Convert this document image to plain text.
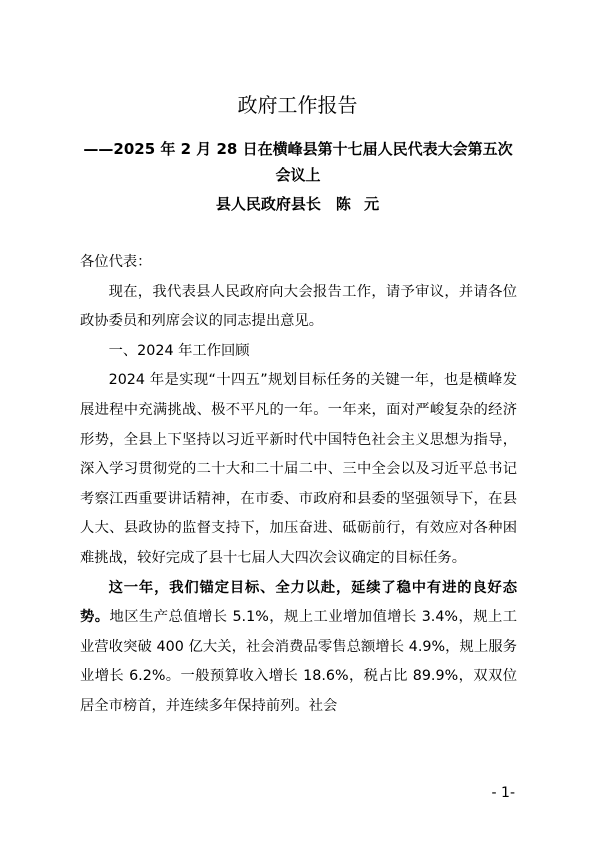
政府工作报告
——2025 年 2 月 28 日在横峰县第十七届人民代表大会第五次会议上
县人民政府县长　陈 元

各位代表：

现在，我代表县人民政府向大会报告工作，请予审议，并请各位政协委员和列席会议的同志提出意见。

一、2024 年工作回顾

2024 年是实现“十四五”规划目标任务的关键一年，也是横峰发展进程中充满挑战、极不平凡的一年。一年来，面对严峻复杂的经济形势，全县上下坚持以习近平新时代中国特色社会主义思想为指导，深入学习贯彻党的二十大和二十届二中、三中全会以及习近平总书记考察江西重要讲话精神，在市委、市政府和县委的坚强领导下，在县人大、县政协的监督支持下，加压奋进、砥砺前行，有效应对各种困难挑战，较好完成了县十七届人大四次会议确定的目标任务。

这一年，我们锚定目标、全力以赴，延续了稳中有进的良好态势。地区生产总值增长 5.1%，规上工业增加值增长 3.4%，规上工业营收突破 400 亿大关，社会消费品零售总额增长 4.9%，规上服务业增长 6.2%。一般预算收入增长 18.6%，税占比 89.9%，双双位居全市榜首，并连续多年保持前列。社会

- 1-
